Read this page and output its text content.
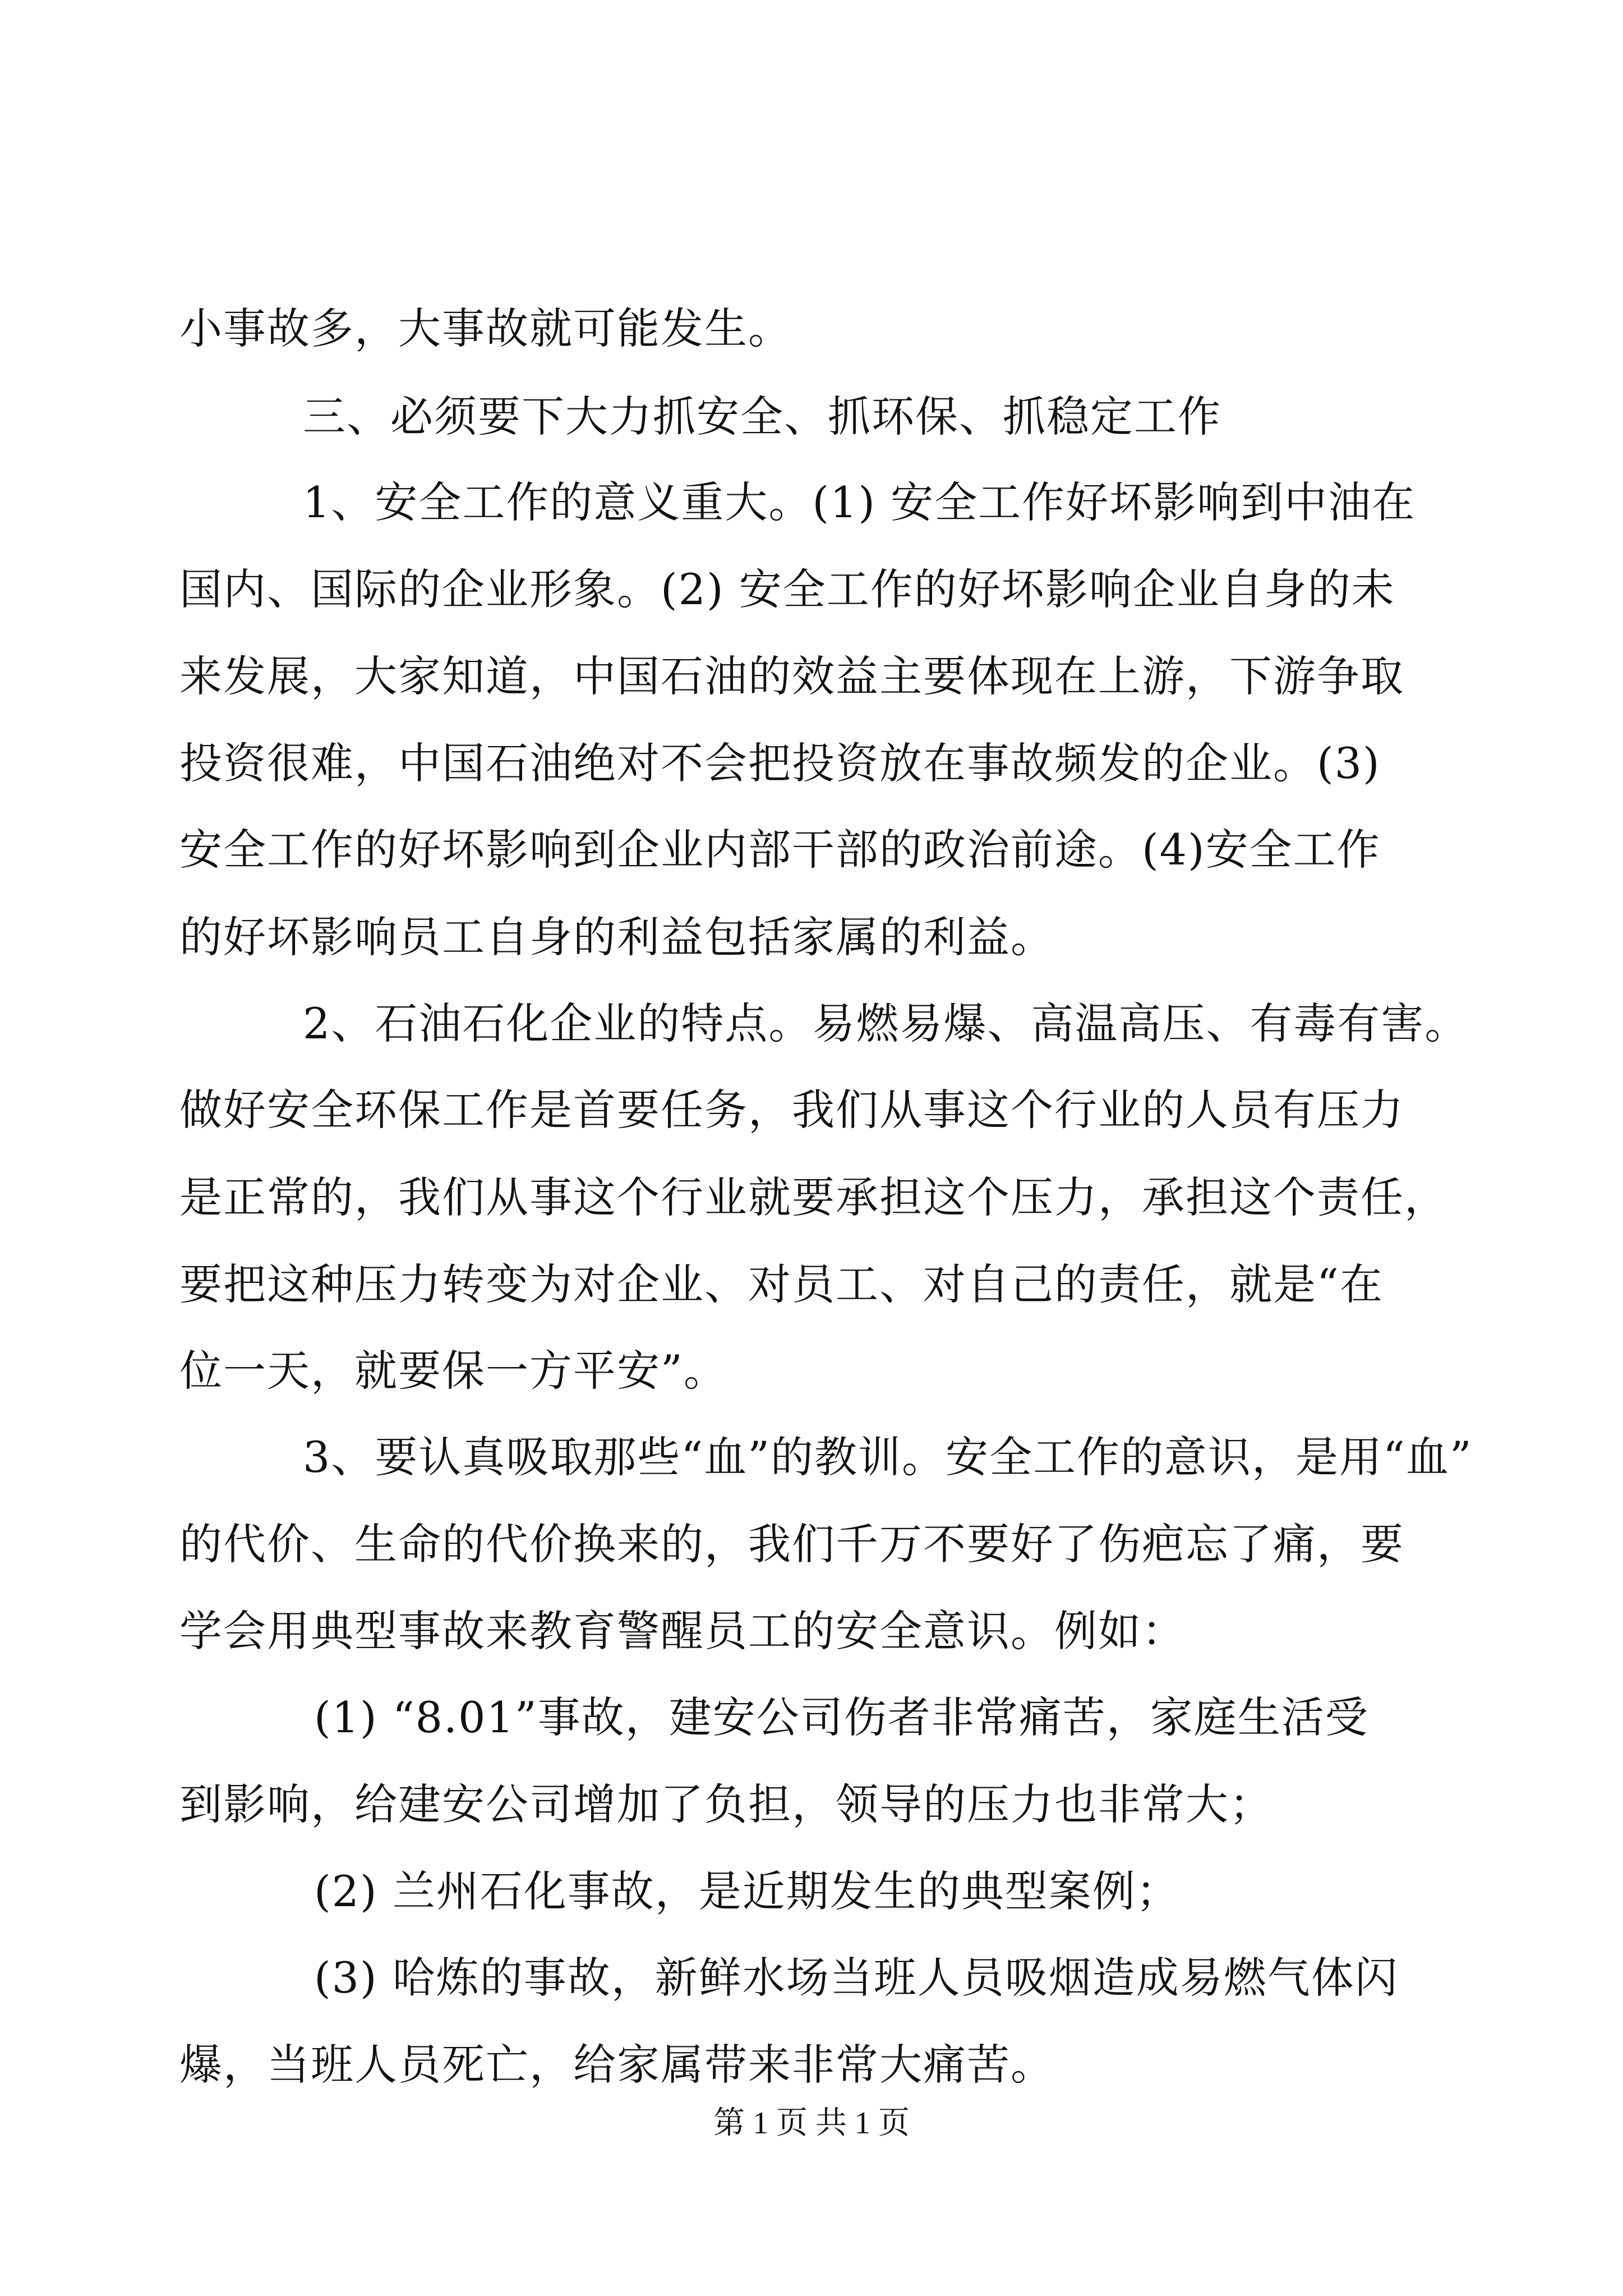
小事故多，大事故就可能发生。
三、必须要下大力抓安全、抓环保、抓稳定工作
1、安全工作的意义重大。(1) 安全工作好坏影响到中油在
国内、国际的企业形象。(2) 安全工作的好坏影响企业自身的未
来发展，大家知道，中国石油的效益主要体现在上游，下游争取
投资很难，中国石油绝对不会把投资放在事故频发的企业。(3)
安全工作的好坏影响到企业内部干部的政治前途。(4)安全工作
的好坏影响员工自身的利益包括家属的利益。
2、石油石化企业的特点。易燃易爆、高温高压、有毒有害。
做好安全环保工作是首要任务，我们从事这个行业的人员有压力
是正常的，我们从事这个行业就要承担这个压力，承担这个责任，
要把这种压力转变为对企业、对员工、对自己的责任，就是“在
位一天，就要保一方平安”。
3、要认真吸取那些“血”的教训。安全工作的意识，是用“血”
的代价、生命的代价换来的，我们千万不要好了伤疤忘了痛，要
学会用典型事故来教育警醒员工的安全意识。例如：
(1) “8.01”事故，建安公司伤者非常痛苦，家庭生活受
到影响，给建安公司增加了负担，领导的压力也非常大；
(2) 兰州石化事故，是近期发生的典型案例；
(3) 哈炼的事故，新鲜水场当班人员吸烟造成易燃气体闪
爆，当班人员死亡，给家属带来非常大痛苦。
第 1 页 共 1 页
